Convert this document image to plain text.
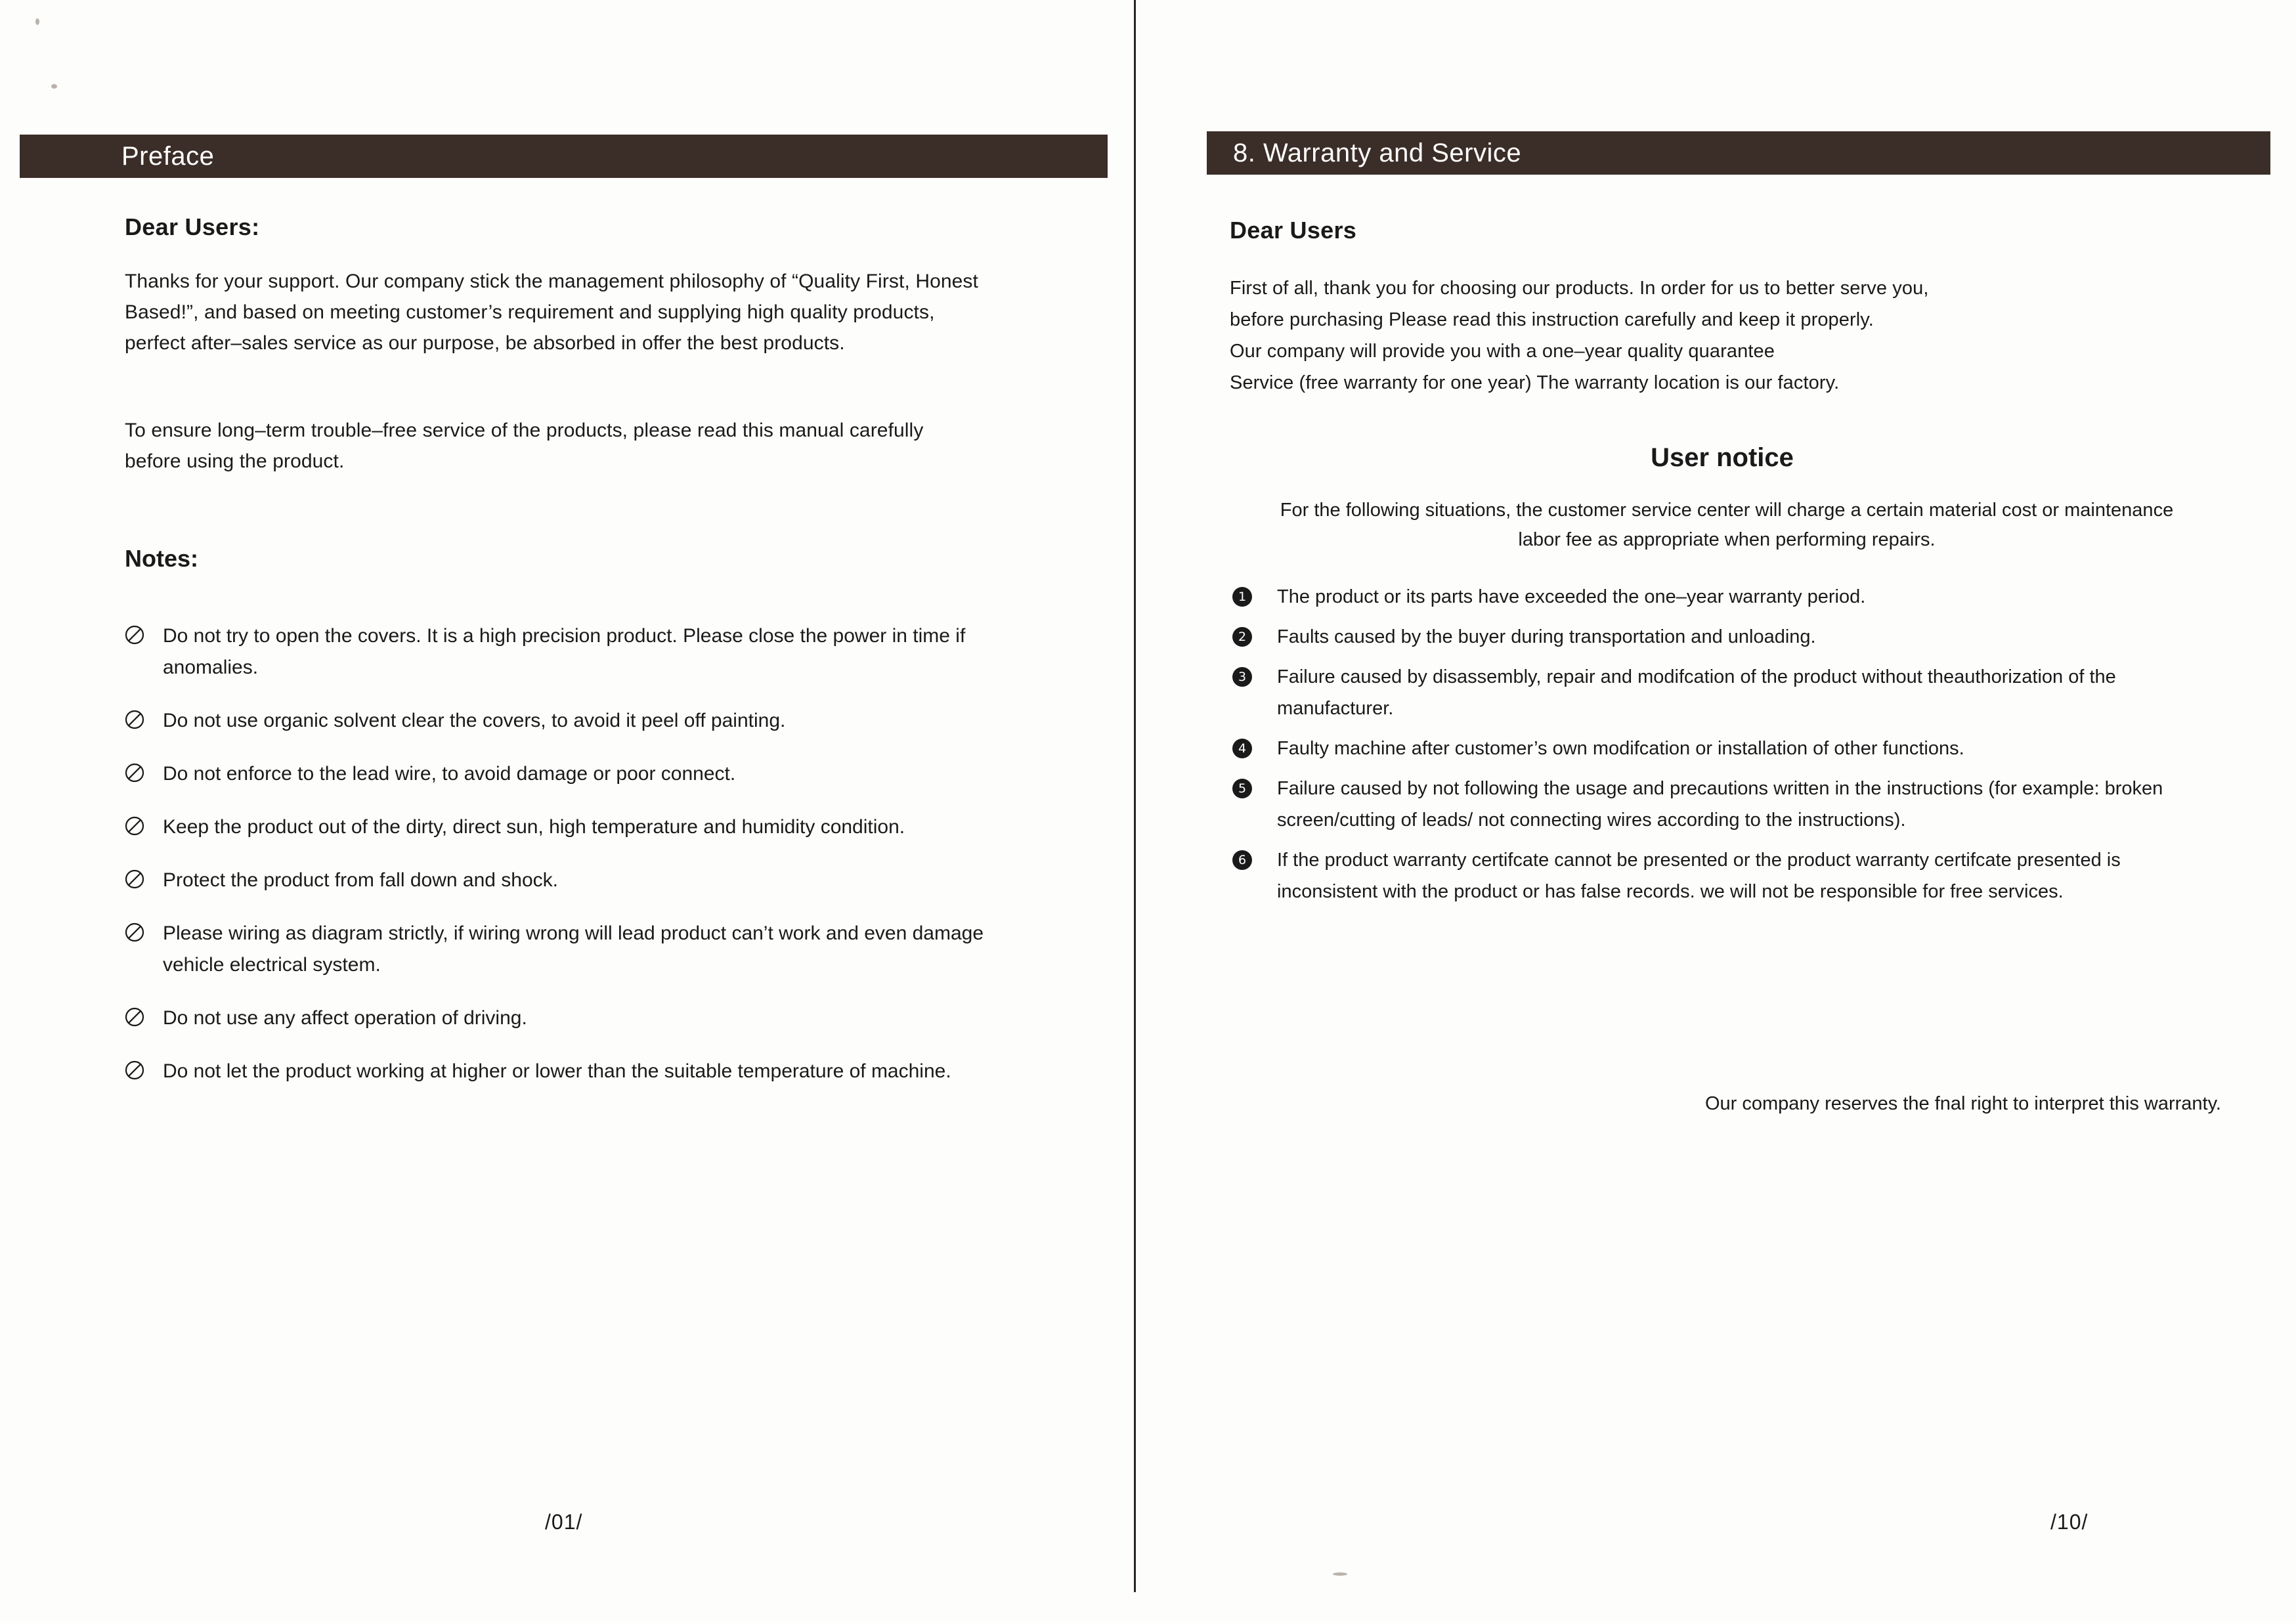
Preface
Dear Users:

Thanks for your support. Our company stick the management philosophy of “Quality First, Honest Based!”, and based on meeting customer’s requirement and supplying high quality products, perfect after–sales service as our purpose, be absorbed in offer the best products.

To ensure long–term trouble–free service of the products, please read this manual carefully before using the product.

Notes:
Do not try to open the covers. It is a high precision product. Please close the power in time if anomalies.
Do not use organic solvent clear the covers, to avoid it peel off painting.
Do not enforce to the lead wire, to avoid damage or poor connect.
Keep the product out of the dirty, direct sun, high temperature and humidity condition.
Protect the product from fall down and shock.
Please wiring as diagram strictly, if wiring wrong will lead product can’t work and even damage vehicle electrical system.
Do not use any affect operation of driving.
Do not let the product working at higher or lower than the suitable temperature of machine.
/01/
8. Warranty and Service
Dear Users

First of all, thank you for choosing our products. In order for us to better serve you,

before purchasing Please read this instruction carefully and keep it properly.

Our company will provide you with a one–year quality quarantee

Service (free warranty for one year) The warranty location is our factory.

User notice

For the following situations, the customer service center will charge a certain material cost or maintenance labor fee as appropriate when performing repairs.

1	The product or its parts have exceeded the one–year warranty period.
2	Faults caused by the buyer during transportation and unloading.
3	Failure caused by disassembly, repair and modifcation of the product without theauthorization of the manufacturer.
4	Faulty machine after customer’s own modifcation or installation of other functions.
5	Failure caused by not following the usage and precautions written in the instructions (for example: broken screen/cutting of leads/ not connecting wires according to the instructions).
6	If the product warranty certifcate cannot be presented or the product warranty certifcate presented is inconsistent with the product or has false records. we will not be responsible for free services.
Our company reserves the fnal right to interpret this warranty.
/10/
